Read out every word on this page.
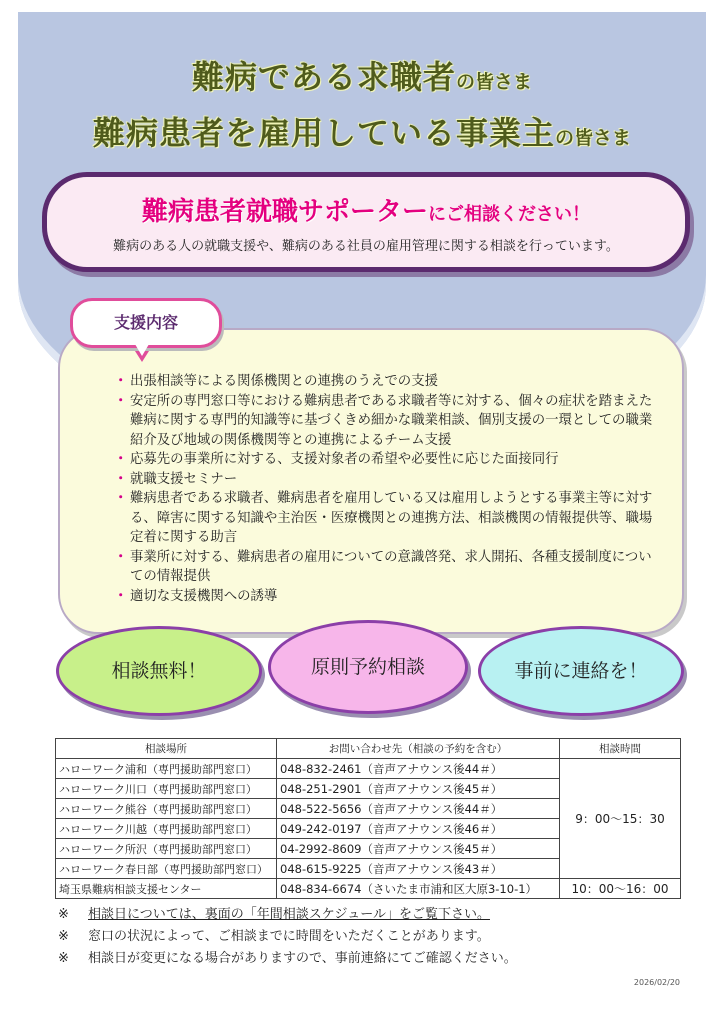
難病である求職者の皆さま
難病患者を雇用している事業主の皆さま
難病患者就職サポーターにご相談ください！
難病のある人の就職支援や、難病のある社員の雇用管理に関する相談を行っています。
支援内容
・ 出張相談等による関係機関との連携のうえでの支援
・ 安定所の専門窓口等における難病患者である求職者等に対する、個々の症状を踏まえた難病に関する専門的知識等に基づくきめ細かな職業相談、個別支援の一環としての職業紹介及び地域の関係機関等との連携によるチーム支援
・ 応募先の事業所に対する、支援対象者の希望や必要性に応じた面接同行
・ 就職支援セミナー
・ 難病患者である求職者、難病患者を雇用している又は雇用しようとする事業主等に対する、障害に関する知識や主治医・医療機関との連携方法、相談機関の情報提供等、職場定着に関する助言
・ 事業所に対する、難病患者の雇用についての意識啓発、求人開拓、各種支援制度についての情報提供
・ 適切な支援機関への誘導
相談無料！	原則予約相談	事前に連絡を！
相談場所	お問い合わせ先（相談の予約を含む）	相談時間
ハローワーク浦和（専門援助部門窓口）	048-832-2461（音声アナウンス後44＃）	9：00～15：30
ハローワーク川口（専門援助部門窓口）	048-251-2901（音声アナウンス後45＃）	
ハローワーク熊谷（専門援助部門窓口）	048-522-5656（音声アナウンス後44＃）	
ハローワーク川越（専門援助部門窓口）	049-242-0197（音声アナウンス後46＃）	
ハローワーク所沢（専門援助部門窓口）	04-2992-8609（音声アナウンス後45＃）	
ハローワーク春日部（専門援助部門窓口）	048-615-9225（音声アナウンス後43＃）	
埼玉県難病相談支援センター	048-834-6674（さいたま市浦和区大原3-10-1）	10：00～16：00
※ 相談日については、裏面の「年間相談スケジュール」をご覧下さい。
※ 窓口の状況によって、ご相談までに時間をいただくことがあります。
※ 相談日が変更になる場合がありますので、事前連絡にてご確認ください。
2026/02/20
